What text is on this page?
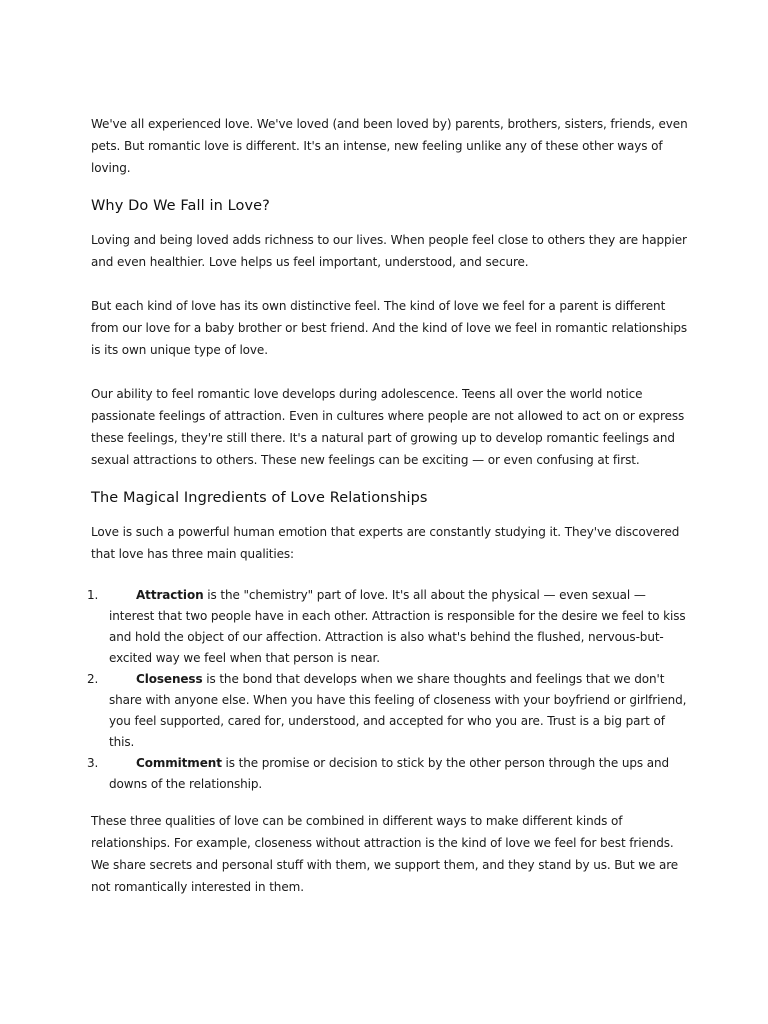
We've all experienced love. We've loved (and been loved by) parents, brothers, sisters, friends, even pets. But romantic love is different. It's an intense, new feeling unlike any of these other ways of loving.

Why Do We Fall in Love?

Loving and being loved adds richness to our lives. When people feel close to others they are happier and even healthier. Love helps us feel important, understood, and secure.

But each kind of love has its own distinctive feel. The kind of love we feel for a parent is different from our love for a baby brother or best friend. And the kind of love we feel in romantic relationships is its own unique type of love.

Our ability to feel romantic love develops during adolescence. Teens all over the world notice passionate feelings of attraction. Even in cultures where people are not allowed to act on or express these feelings, they're still there. It's a natural part of growing up to develop romantic feelings and sexual attractions to others. These new feelings can be exciting — or even confusing at first.

The Magical Ingredients of Love Relationships

Love is such a powerful human emotion that experts are constantly studying it. They've discovered that love has three main qualities:

1.	Attraction is the "chemistry" part of love. It's all about the physical — even sexual — interest that two people have in each other. Attraction is responsible for the desire we feel to kiss and hold the object of our affection. Attraction is also what's behind the flushed, nervous-but-excited way we feel when that person is near.
2.	Closeness is the bond that develops when we share thoughts and feelings that we don't share with anyone else. When you have this feeling of closeness with your boyfriend or girlfriend, you feel supported, cared for, understood, and accepted for who you are. Trust is a big part of this.
3.	Commitment is the promise or decision to stick by the other person through the ups and downs of the relationship.

These three qualities of love can be combined in different ways to make different kinds of relationships. For example, closeness without attraction is the kind of love we feel for best friends. We share secrets and personal stuff with them, we support them, and they stand by us. But we are not romantically interested in them.
